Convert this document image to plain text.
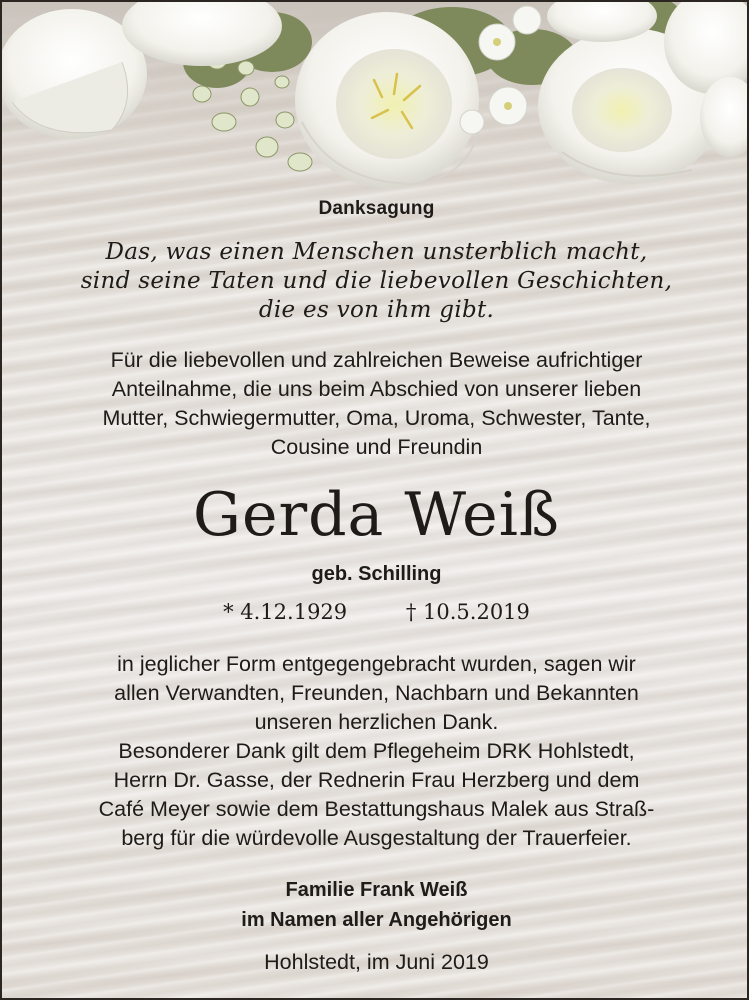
Danksagung
Das, was einen Menschen unsterblich macht,
sind seine Taten und die liebevollen Geschichten,
die es von ihm gibt.
Für die liebevollen und zahlreichen Beweise aufrichtiger
Anteilnahme, die uns beim Abschied von unserer lieben
Mutter, Schwiegermutter, Oma, Uroma, Schwester, Tante,
Cousine und Freundin
Gerda Weiß
geb. Schilling
* 4.12.1929	† 10.5.2019
in jeglicher Form entgegengebracht wurden, sagen wir
allen Verwandten, Freunden, Nachbarn und Bekannten
unseren herzlichen Dank.
Besonderer Dank gilt dem Pflegeheim DRK Hohlstedt,
Herrn Dr. Gasse, der Rednerin Frau Herzberg und dem
Café Meyer sowie dem Bestattungshaus Malek aus Straß-
berg für die würdevolle Ausgestaltung der Trauerfeier.
Familie Frank Weiß
im Namen aller Angehörigen
Hohlstedt, im Juni 2019
